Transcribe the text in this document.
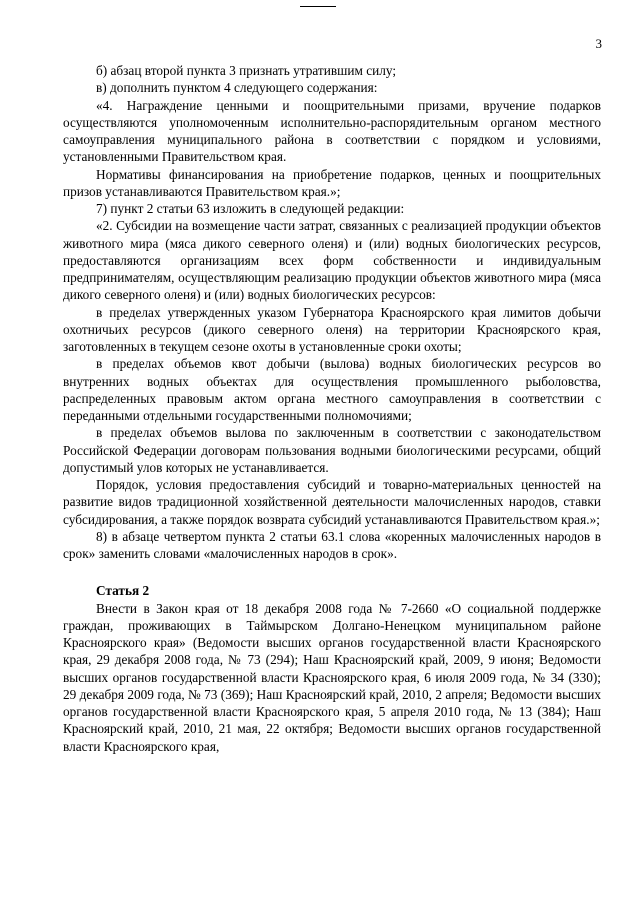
3

б) абзац второй пункта 3 признать утратившим силу;

в) дополнить пунктом 4 следующего содержания:

«4. Награждение ценными и поощрительными призами, вручение подарков осуществляются уполномоченным исполнительно-распорядительным органом местного самоуправления муниципального района в соответствии с порядком и условиями, установленными Правительством края.

Нормативы финансирования на приобретение подарков, ценных и поощрительных призов устанавливаются Правительством края.»;

7) пункт 2 статьи 63 изложить в следующей редакции:

«2. Субсидии на возмещение части затрат, связанных с реализацией продукции объектов животного мира (мяса дикого северного оленя) и (или) водных биологических ресурсов, предоставляются организациям всех форм собственности и индивидуальным предпринимателям, осуществляющим реализацию продукции объектов животного мира (мяса дикого северного оленя) и (или) водных биологических ресурсов:

в пределах утвержденных указом Губернатора Красноярского края лимитов добычи охотничьих ресурсов (дикого северного оленя) на территории Красноярского края, заготовленных в текущем сезоне охоты в установленные сроки охоты;

в пределах объемов квот добычи (вылова) водных биологических ресурсов во внутренних водных объектах для осуществления промышленного рыболовства, распределенных правовым актом органа местного самоуправления в соответствии с переданными отдельными государственными полномочиями;

в пределах объемов вылова по заключенным в соответствии с законодательством Российской Федерации договорам пользования водными биологическими ресурсами, общий допустимый улов которых не устанавливается.

Порядок, условия предоставления субсидий и товарно-материальных ценностей на развитие видов традиционной хозяйственной деятельности малочисленных народов, ставки субсидирования, а также порядок возврата субсидий устанавливаются Правительством края.»;

8) в абзаце четвертом пункта 2 статьи 63.1 слова «коренных малочисленных народов в срок» заменить словами «малочисленных народов в срок».

Статья 2

Внести в Закон края от 18 декабря 2008 года № 7-2660 «О социальной поддержке граждан, проживающих в Таймырском Долгано-Ненецком муниципальном районе Красноярского края» (Ведомости высших органов государственной власти Красноярского края, 29 декабря 2008 года, № 73 (294); Наш Красноярский край, 2009, 9 июня; Ведомости высших органов государственной власти Красноярского края, 6 июля 2009 года, № 34 (330); 29 декабря 2009 года, № 73 (369); Наш Красноярский край, 2010, 2 апреля; Ведомости высших органов государственной власти Красноярского края, 5 апреля 2010 года, № 13 (384); Наш Красноярский край, 2010, 21 мая, 22 октября; Ведомости высших органов государственной власти Красноярского края,
